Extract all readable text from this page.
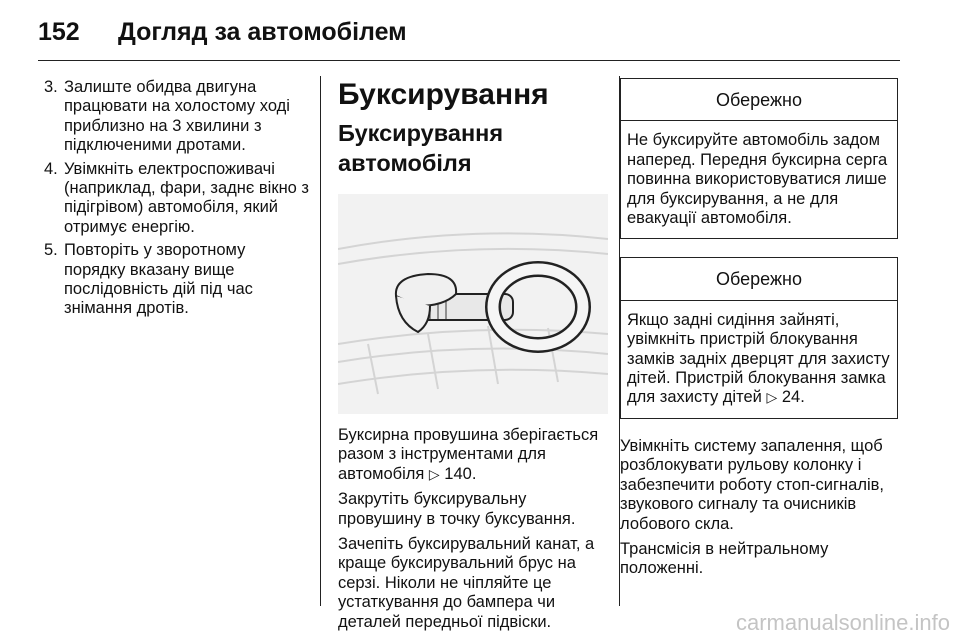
152	Догляд за автомобілем
3. Залиште обидва двигуна працювати на холостому ході приблизно на 3 хвилини з підключеними дротами.
4. Увімкніть електроспоживачі (наприклад, фари, заднє вікно з підігрівом) автомобіля, який отримує енергію.
5. Повторіть у зворотному порядку вказану вище послідовність дій під час знімання дротів.
Буксирування
Буксирування автомобіля

Буксирна провушина зберігається разом з інструментами для автомобіля ▷ 140.

Закрутіть буксирувальну провушину в точку буксування.

Зачепіть буксирувальний канат, а краще буксирувальний брус на серзі. Ніколи не чіпляйте це устаткування до бампера чи деталей передньої підвіски.

Обережно
Не буксируйте автомобіль задом наперед. Передня буксирна серга повинна використовуватися лише для буксирування, а не для евакуації автомобіля.
Обережно
Якщо задні сидіння зайняті, увімкніть пристрій блокування замків задніх дверцят для захисту дітей. Пристрій блокування замка для захисту дітей ▷ 24.

Увімкніть систему запалення, щоб розблокувати рульову колонку і забезпечити роботу стоп-сигналів, звукового сигналу та очисників лобового скла.

Трансмісія в нейтральному положенні.

carmanualsonline.info
